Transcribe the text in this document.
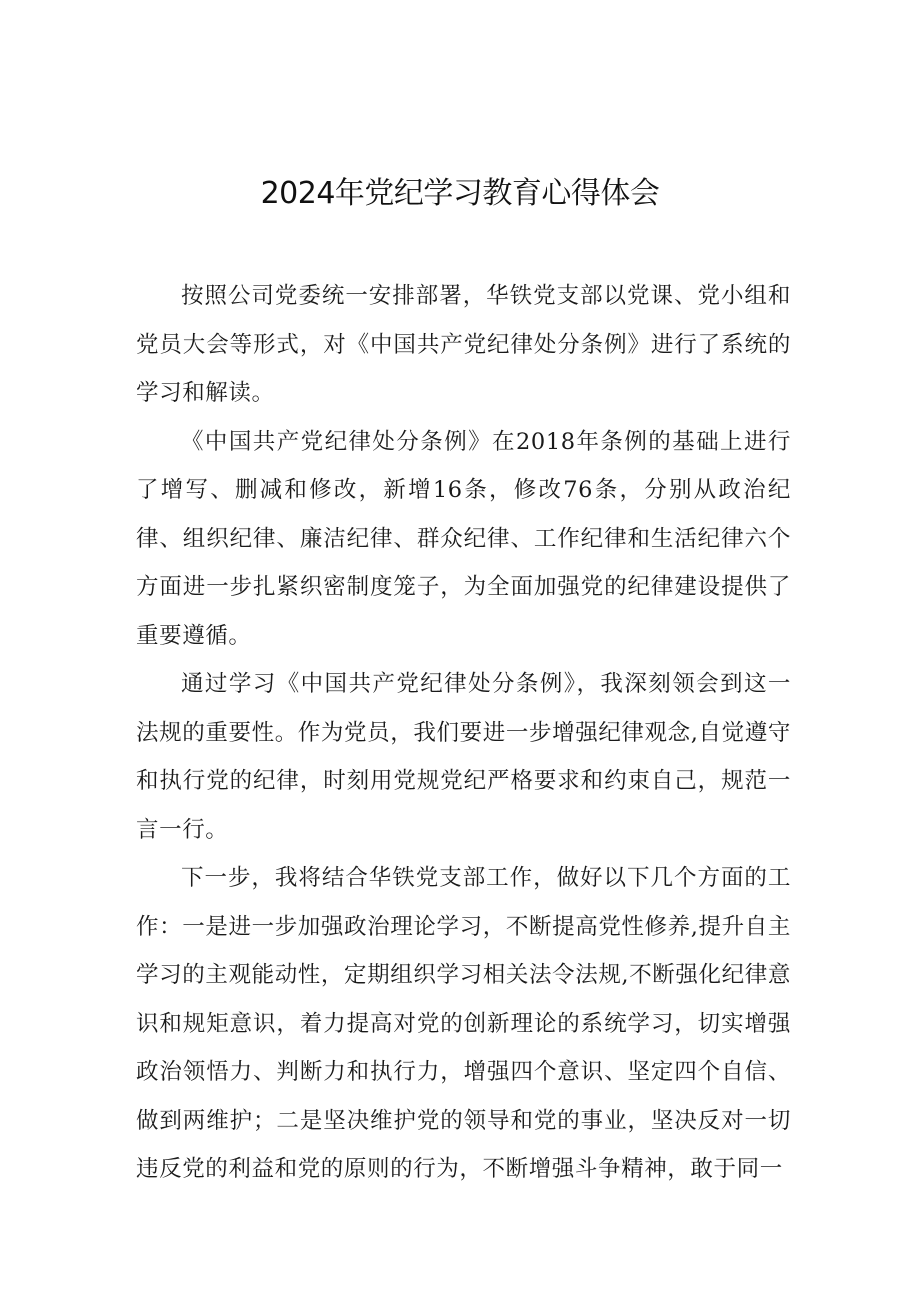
2024年党纪学习教育心得体会

按照公司党委统一安排部署，华铁党支部以党课、党小组和党员大会等形式，对《中国共产党纪律处分条例》进行了系统的学习和解读。

《中国共产党纪律处分条例》在2018年条例的基础上进行了增写、删减和修改，新增16条，修改76条，分别从政治纪律、组织纪律、廉洁纪律、群众纪律、工作纪律和生活纪律六个方面进一步扎紧织密制度笼子，为全面加强党的纪律建设提供了重要遵循。

通过学习《中国共产党纪律处分条例》，我深刻领会到这一法规的重要性。作为党员，我们要进一步增强纪律观念,自觉遵守和执行党的纪律，时刻用党规党纪严格要求和约束自己，规范一言一行。

下一步，我将结合华铁党支部工作，做好以下几个方面的工作：一是进一步加强政治理论学习，不断提高党性修养,提升自主学习的主观能动性，定期组织学习相关法令法规,不断强化纪律意识和规矩意识，着力提高对党的创新理论的系统学习，切实增强政治领悟力、判断力和执行力，增强四个意识、坚定四个自信、做到两维护；二是坚决维护党的领导和党的事业，坚决反对一切违反党的利益和党的原则的行为，不断增强斗争精神，敢于同一
